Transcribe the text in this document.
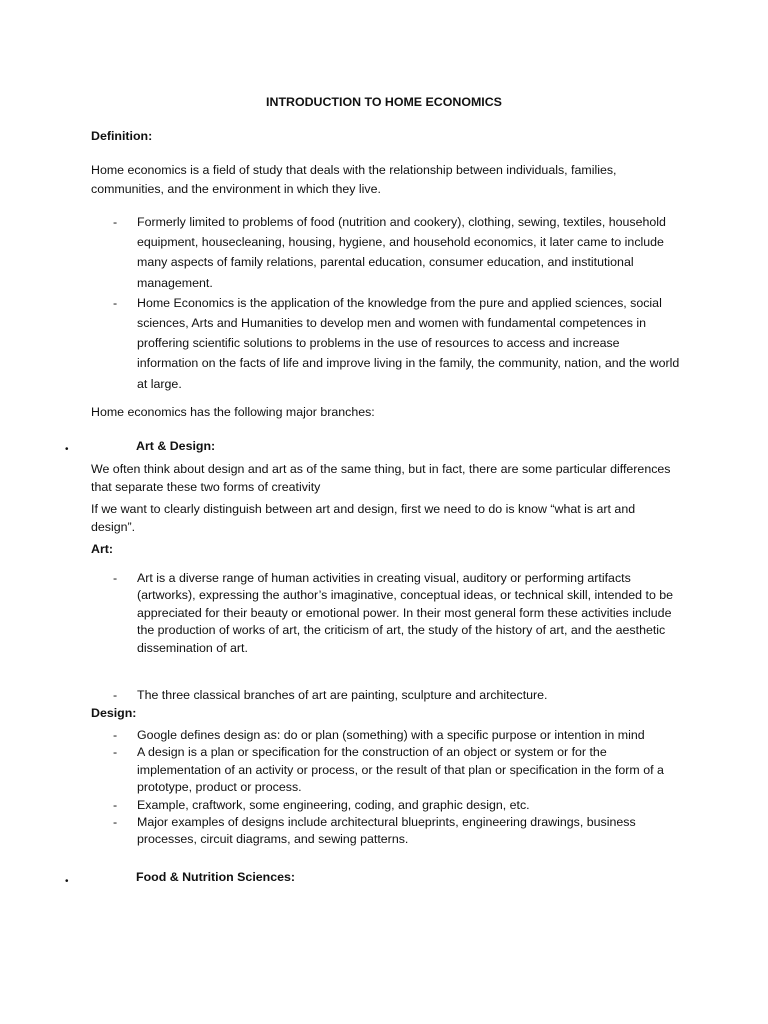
INTRODUCTION TO HOME ECONOMICS
Definition:
Home economics is a field of study that deals with the relationship between individuals, families, communities, and the environment in which they live.
- Formerly limited to problems of food (nutrition and cookery), clothing, sewing, textiles, household equipment, housecleaning, housing, hygiene, and household economics, it later came to include many aspects of family relations, parental education, consumer education, and institutional management.
- Home Economics is the application of the knowledge from the pure and applied sciences, social sciences, Arts and Humanities to develop men and women with fundamental competences in proffering scientific solutions to problems in the use of resources to access and increase information on the facts of life and improve living in the family, the community, nation, and the world at large.
Home economics has the following major branches:
•	Art & Design:
We often think about design and art as of the same thing, but in fact, there are some particular differences that separate these two forms of creativity
If we want to clearly distinguish between art and design, first we need to do is know “what is art and design”.
Art:
- Art is a diverse range of human activities in creating visual, auditory or performing artifacts (artworks), expressing the author’s imaginative, conceptual ideas, or technical skill, intended to be appreciated for their beauty or emotional power. In their most general form these activities include the production of works of art, the criticism of art, the study of the history of art, and the aesthetic dissemination of art.
- The three classical branches of art are painting, sculpture and architecture.
Design:
- Google defines design as: do or plan (something) with a specific purpose or intention in mind
- A design is a plan or specification for the construction of an object or system or for the implementation of an activity or process, or the result of that plan or specification in the form of a prototype, product or process.
- Example, craftwork, some engineering, coding, and graphic design, etc.
- Major examples of designs include architectural blueprints, engineering drawings, business processes, circuit diagrams, and sewing patterns.
•	Food & Nutrition Sciences:
